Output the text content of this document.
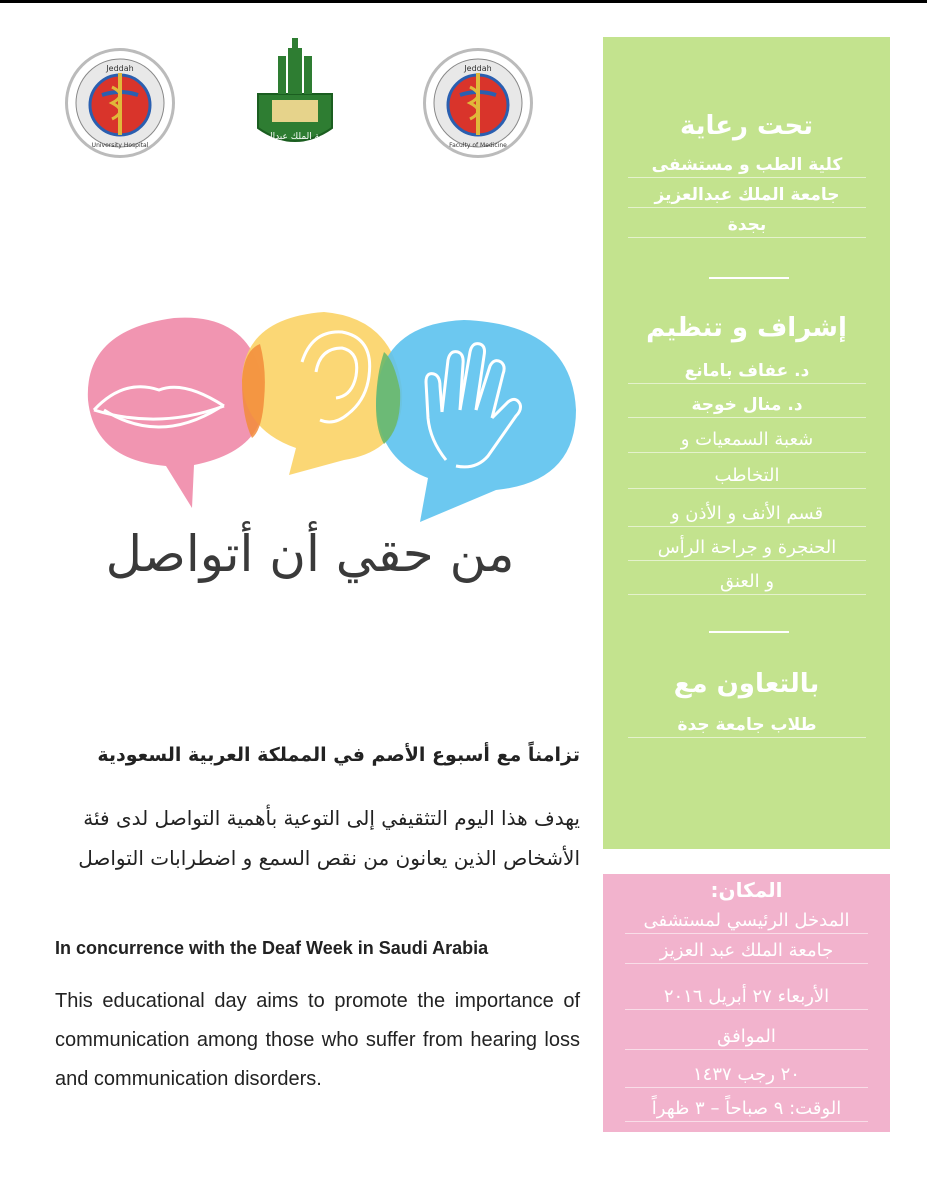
Jeddah
University Hospital
جامعة الملك عبدالعزيز
King Abdulaziz University
Jeddah
Faculty of Medicine
من حقي أن أتواصل
تحت رعاية
كلية الطب و مستشفى
جامعة الملك عبدالعزيز
بجدة
إشراف و تنظيم
د. عفاف بامانع
د. منال خوجة
شعبة السمعيات و
التخاطب
قسم الأنف و الأذن و
الحنجرة و جراحة الرأس
و العنق
بالتعاون مع
طلاب جامعة جدة
المكان:
المدخل الرئيسي لمستشفى
جامعة الملك عبد العزيز
الأربعاء ٢٧ أبريل ٢٠١٦
الموافق
٢٠ رجب ١٤٣٧
الوقت: ٩ صباحاً – ٣ ظهراً
تزامناً مع أسبوع الأصم في المملكة العربية السعودية
يهدف هذا اليوم التثقيفي إلى التوعية بأهمية التواصل لدى فئة الأشخاص الذين يعانون من نقص السمع و اضطرابات التواصل
In concurrence with the Deaf Week in Saudi Arabia
This educational day aims to promote the importance of communication among those who suffer from hearing loss and communication disorders.
